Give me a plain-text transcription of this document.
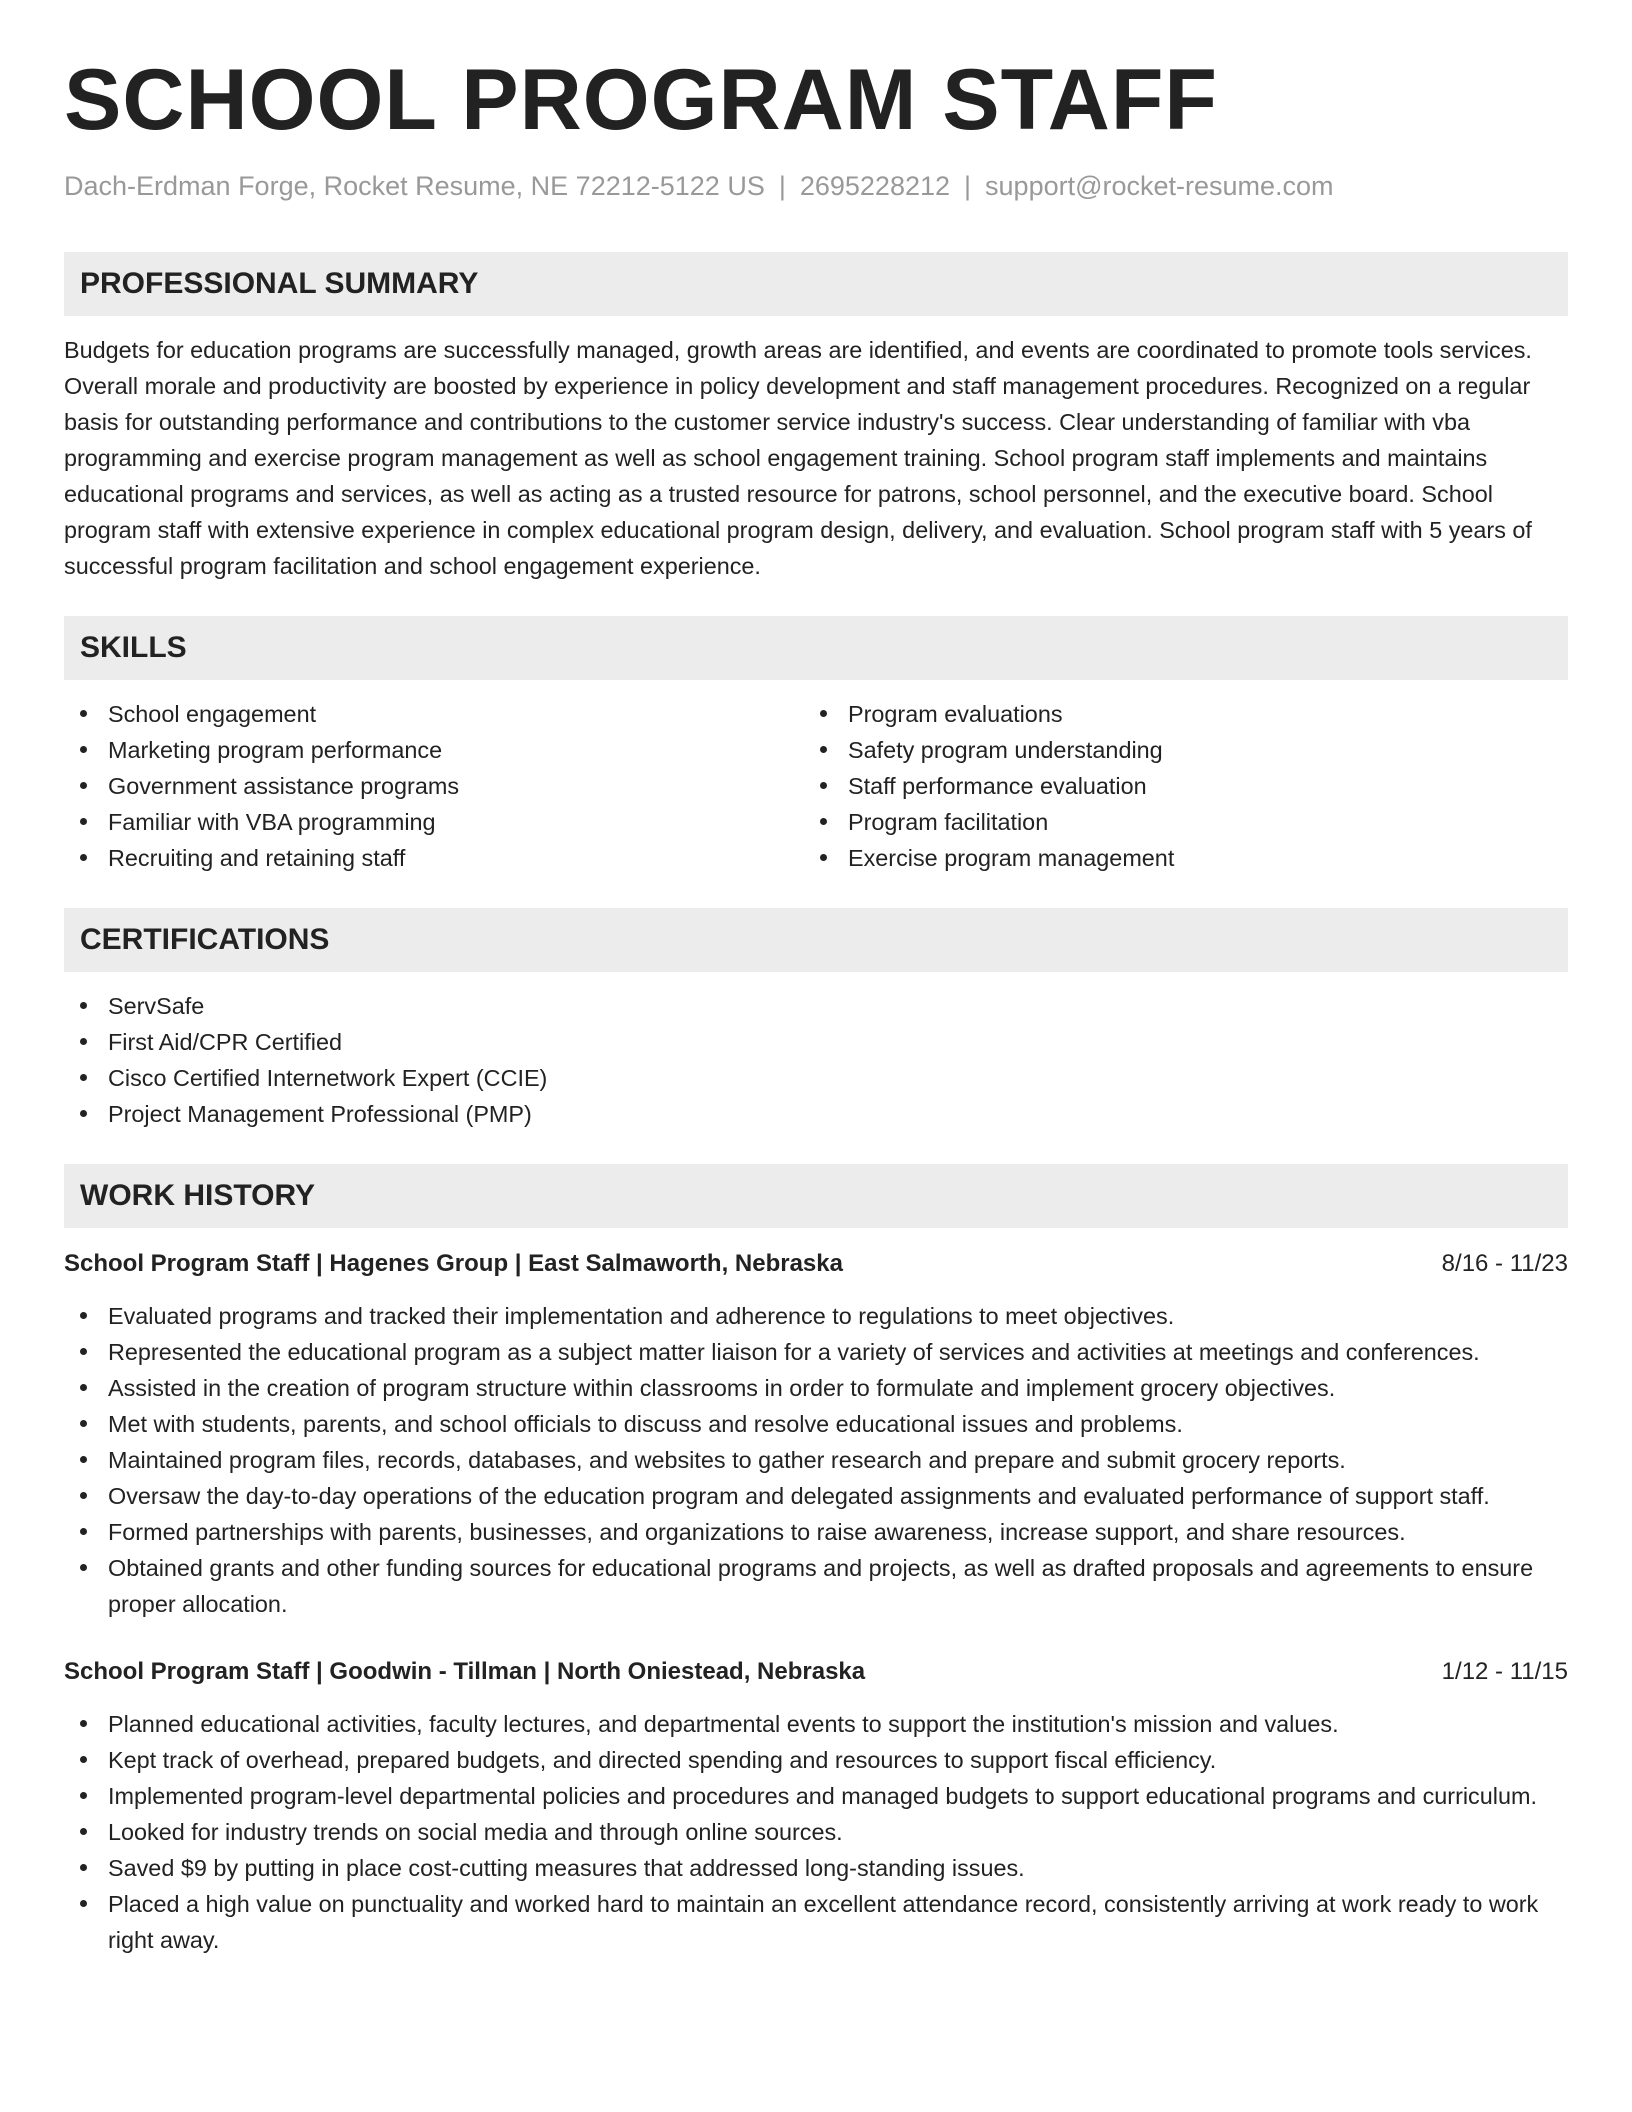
SCHOOL PROGRAM STAFF
Dach-Erdman Forge, Rocket Resume, NE 72212-5122 US | 2695228212 | support@rocket-resume.com
PROFESSIONAL SUMMARY
Budgets for education programs are successfully managed, growth areas are identified, and events are coordinated to promote tools services. Overall morale and productivity are boosted by experience in policy development and staff management procedures. Recognized on a regular basis for outstanding performance and contributions to the customer service industry's success. Clear understanding of familiar with vba programming and exercise program management as well as school engagement training. School program staff implements and maintains educational programs and services, as well as acting as a trusted resource for patrons, school personnel, and the executive board. School program staff with extensive experience in complex educational program design, delivery, and evaluation. School program staff with 5 years of successful program facilitation and school engagement experience.
SKILLS
School engagement
Marketing program performance
Government assistance programs
Familiar with VBA programming
Recruiting and retaining staff
Program evaluations
Safety program understanding
Staff performance evaluation
Program facilitation
Exercise program management
CERTIFICATIONS
ServSafe
First Aid/CPR Certified
Cisco Certified Internetwork Expert (CCIE)
Project Management Professional (PMP)
WORK HISTORY
School Program Staff | Hagenes Group | East Salmaworth, Nebraska	8/16 - 11/23
Evaluated programs and tracked their implementation and adherence to regulations to meet objectives.
Represented the educational program as a subject matter liaison for a variety of services and activities at meetings and conferences.
Assisted in the creation of program structure within classrooms in order to formulate and implement grocery objectives.
Met with students, parents, and school officials to discuss and resolve educational issues and problems.
Maintained program files, records, databases, and websites to gather research and prepare and submit grocery reports.
Oversaw the day-to-day operations of the education program and delegated assignments and evaluated performance of support staff.
Formed partnerships with parents, businesses, and organizations to raise awareness, increase support, and share resources.
Obtained grants and other funding sources for educational programs and projects, as well as drafted proposals and agreements to ensure proper allocation.
School Program Staff | Goodwin - Tillman | North Oniestead, Nebraska	1/12 - 11/15
Planned educational activities, faculty lectures, and departmental events to support the institution's mission and values.
Kept track of overhead, prepared budgets, and directed spending and resources to support fiscal efficiency.
Implemented program-level departmental policies and procedures and managed budgets to support educational programs and curriculum.
Looked for industry trends on social media and through online sources.
Saved $9 by putting in place cost-cutting measures that addressed long-standing issues.
Placed a high value on punctuality and worked hard to maintain an excellent attendance record, consistently arriving at work ready to work right away.
